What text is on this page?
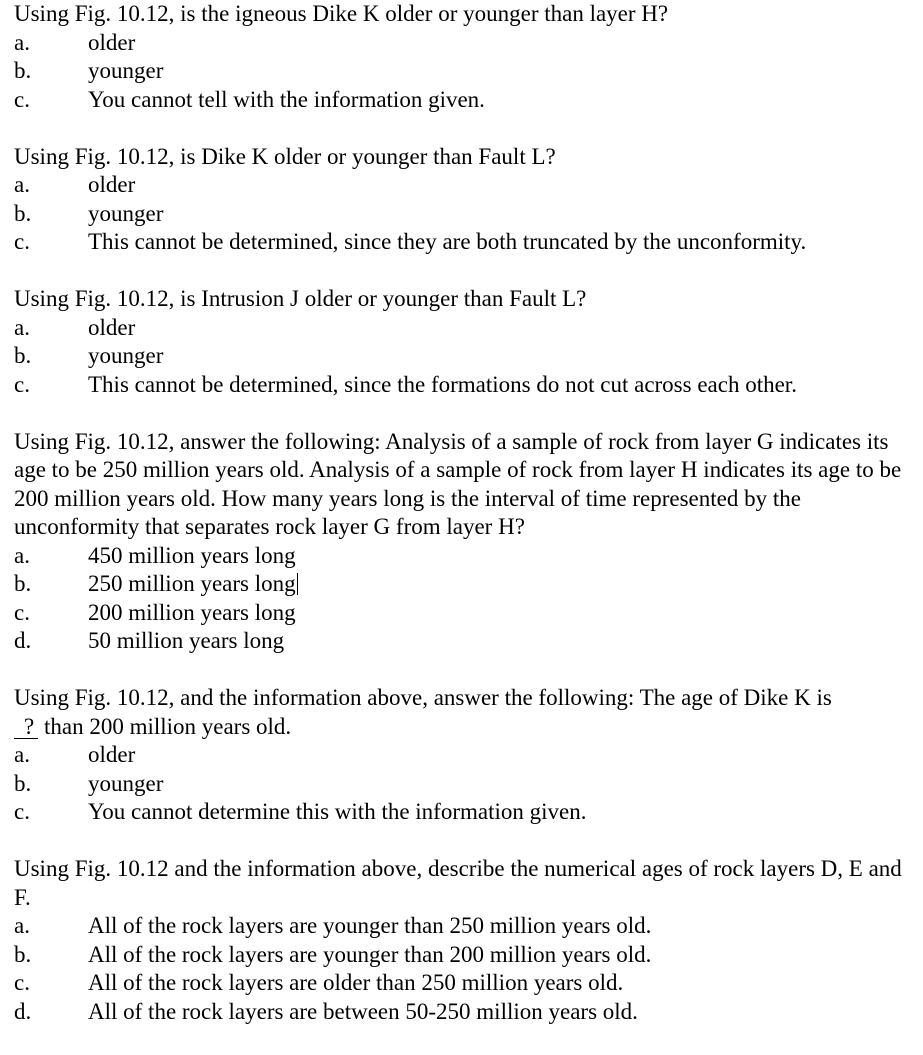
Using Fig. 10.12, is the igneous Dike K older or younger than layer H?

a.	older
b.	younger
c.	You cannot tell with the information given.

Using Fig. 10.12, is Dike K older or younger than Fault L?

a.	older
b.	younger
c.	This cannot be determined, since they are both truncated by the unconformity.

Using Fig. 10.12, is Intrusion J older or younger than Fault L?

a.	older
b.	younger
c.	This cannot be determined, since the formations do not cut across each other.

Using Fig. 10.12, answer the following: Analysis of a sample of rock from layer G indicates its age to be 250 million years old. Analysis of a sample of rock from layer H indicates its age to be 200 million years old. How many years long is the interval of time represented by the unconformity that separates rock layer G from layer H?

a.	450 million years long
b.	250 million years long
c.	200 million years long
d.	50 million years long

Using Fig. 10.12, and the information above, answer the following: The age of Dike K is
? than 200 million years old.

a.	older
b.	younger
c.	You cannot determine this with the information given.

Using Fig. 10.12 and the information above, describe the numerical ages of rock layers D, E and F.

a.	All of the rock layers are younger than 250 million years old.
b.	All of the rock layers are younger than 200 million years old.
c.	All of the rock layers are older than 250 million years old.
d.	All of the rock layers are between 50-250 million years old.
